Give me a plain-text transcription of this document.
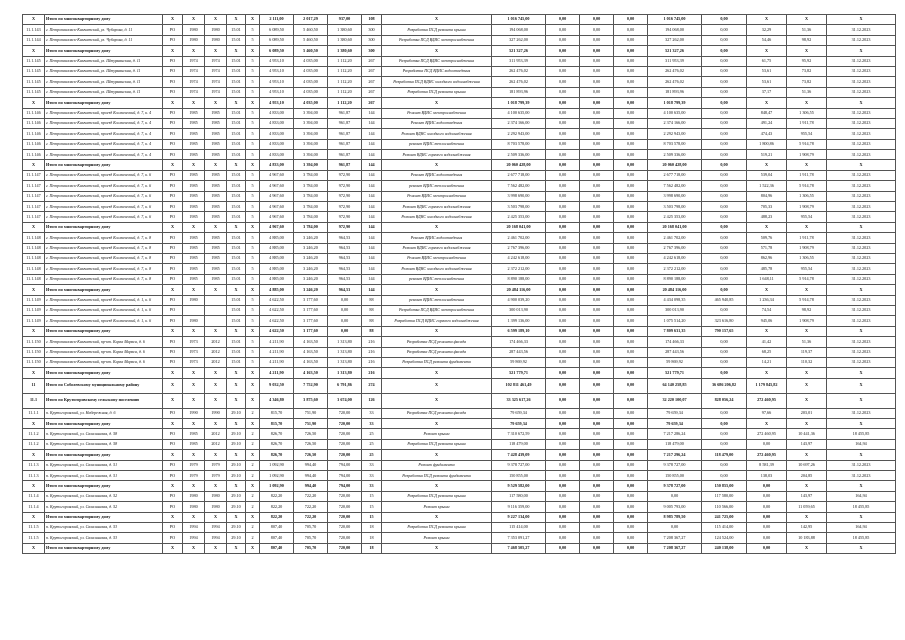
X	Итого по многоквартирному дому	X	X	X	X	X	2 111,00	2 017,29	937,00	108	X	1 016 745,00	0,00	0,00	0,00	1 016 745,00	0,00	X	X	X
11.1.143	г. Петропавловск-Камчатский, ул. Чубарова, д. 11	РО	1980	1980	15.01	5	6 089,50	5 460,50	1 380,60	300	Разработка ПСД ремонта крыши	194 068,00	0,00	0,00	0,00	194 068,00	0,00	32,29	51,36	31.12.2023
11.1.144	г. Петропавловск-Камчатский, ул. Чубарова, д. 11	РО	1980	1980	15.01	5	6 089,50	5 460,50	1 380,60	300	Разработка ПСД ВДИС электроснабжения	327 262,00	0,00	0,00	0,00	327 262,00	0,00	54,46	98,92	31.12.2023
X	Итого по многоквартирному дому	X	X	X	X	X	6 089,50	5 460,50	1 380,60	300	X	521 327,26	0,00	0,00	0,00	521 327,26	0,00	X	X	X
11.1.145	г. Петропавловск-Камчатский, ул. Штурманская, д. 11	РО	1974	1974	15.01	5	4 953,10	4 035,00	1 112,20	267	Разработка ПСД ВДИС электроснабжения	311 953,39	0,00	0,00	0,00	311 953,39	0,00	61,75	95,92	31.12.2023
11.1.145	г. Петропавловск-Камчатский, ул. Штурманская, д. 11	РО	1974	1974	15.01	5	4 953,10	4 035,00	1 112,20	267	Разработка ПСД ВДИС водоотведения	262 476,02	0,00	0,00	0,00	262 476,02	0,00	53,61	73,82	31.12.2023
11.1.145	г. Петропавловск-Камчатский, ул. Штурманская, д. 11	РО	1974	1974	15.01	5	4 953,10	4 035,00	1 112,20	267	Разработка ПСД ВДИС холодного водоснабжения	262 476,02	0,00	0,00	0,00	262 476,02	0,00	53,61	73,82	31.12.2023
11.1.145	г. Петропавловск-Камчатский, ул. Штурманская, д. 11	РО	1974	1974	15.01	5	4 953,10	4 035,00	1 112,20	267	Разработка ПСД ремонта крыши	181 893,96	0,00	0,00	0,00	181 893,96	0,00	37,17	51,36	31.12.2023
X	Итого по многоквартирному дому	X	X	X	X	X	4 953,10	4 035,00	1 112,20	267	X	1 018 799,39	0,00	0,00	0,00	1 018 799,39	0,00	X	X	X
11.1.146	г. Петропавловск-Камчатский, проезд Космический, д. 7, к. 4	РО	1985	1985	15.01	5	4 833,00	3 394,00	961,87	144	Ремонт ВДИС электроснабжения	4 100 635,00	0,00	0,00	0,00	4 100 635,00	0,00	848,47	1 306,55	31.12.2023
11.1.146	г. Петропавловск-Камчатский, проезд Космический, д. 7, к. 4	РО	1985	1985	15.01	5	4 833,00	3 394,00	961,87	144	Ремонт ВДИС водоотведения	2 374 166,00	0,00	0,00	0,00	2 374 166,00	0,00	491,24	1 911,78	31.12.2023
11.1.146	г. Петропавловск-Камчатский, проезд Космический, д. 7, к. 4	РО	1985	1985	15.01	5	4 833,00	3 394,00	961,87	144	Ремонт ВДИС холодного водоснабжения	2 292 943,00	0,00	0,00	0,00	2 292 943,00	0,00	474,43	955,54	31.12.2023
11.1.146	г. Петропавловск-Камчатский, проезд Космический, д. 7, к. 4	РО	1985	1985	15.01	5	4 833,00	3 394,00	961,87	144	ремонт ВДИС теплоснабжения	8 703 578,00	0,00	0,00	0,00	8 703 578,00	0,00	1 800,86	5 914,78	31.12.2023
11.1.146	г. Петропавловск-Камчатский, проезд Космический, д. 7, к. 4	РО	1985	1985	15.01	5	4 833,00	3 394,00	961,87	144	Ремонт ВДИС горячего водоснабжения	2 509 336,00	0,00	0,00	0,00	2 509 336,00	0,00	519,21	1 908,79	31.12.2023
X	Итого по многоквартирному дому	X	X	X	X	X	4 833,00	3 394,00	961,87	144	X	20 060 428,00	0,00	0,00	0,00	20 060 428,00	0,00	X	X	X
11.1.147	г. Петропавловск-Камчатский, проезд Космический, д. 7, к. 6	РО	1985	1985	15.01	5	4 967,60	3 784,00	972,90	144	Ремонт ВДИС водоотведения	2 677 718,00	0,00	0,00	0,00	2 677 718,00	0,00	539,04	1 911,78	31.12.2023
11.1.147	г. Петропавловск-Камчатский, проезд Космический, д. 7, к. 6	РО	1985	1985	15.01	5	4 967,60	3 784,00	972,90	144	ремонт ВДИС теплоснабжения	7 562 482,00	0,00	0,00	0,00	7 562 482,00	0,00	1 522,36	5 914,78	31.12.2023
11.1.147	г. Петропавловск-Камчатский, проезд Космический, д. 7, к. 6	РО	1985	1985	15.01	5	4 967,60	3 784,00	972,90	144	Ремонт ВДИС электроснабжения	3 998 690,00	0,00	0,00	0,00	3 998 690,00	0,00	804,96	1 306,55	31.12.2023
11.1.147	г. Петропавловск-Камчатский, проезд Космический, д. 7, к. 6	РО	1985	1985	15.01	5	4 967,60	3 784,00	972,90	144	Ремонт ВДИС горячего водоснабжения	3 503 798,00	0,00	0,00	0,00	3 503 798,00	0,00	705,33	1 908,79	31.12.2023
11.1.147	г. Петропавловск-Камчатский, проезд Космический, д. 7, к. 6	РО	1985	1985	15.01	5	4 967,60	3 784,00	972,90	144	Ремонт ВДИС холодного водоснабжения	2 425 353,00	0,00	0,00	0,00	2 425 353,00	0,00	488,23	955,54	31.12.2023
X	Итого по многоквартирному дому	X	X	X	X	X	4 967,60	3 784,00	972,90	144	X	20 168 041,00	0,00	0,00	0,00	20 168 041,00	0,00	X	X	X
11.1.148	г. Петропавловск-Камчатский, проезд Космический, д. 7, к. 8	РО	1985	1985	15.01	5	4 885,00	3 246,20	964,53	144	Ремонт ВДИС водоотведения	2 461 702,00	0,00	0,00	0,00	2 461 702,00	0,00	509,76	1 911,78	31.12.2023
11.1.148	г. Петропавловск-Камчатский, проезд Космический, д. 7, к. 8	РО	1985	1985	15.01	5	4 885,00	3 246,20	964,53	144	Ремонт ВДИС горячего водоснабжения	2 767 396,00	0,00	0,00	0,00	2 767 396,00	0,00	571,78	1 908,79	31.12.2023
11.1.148	г. Петропавловск-Камчатский, проезд Космический, д. 7, к. 8	РО	1985	1985	15.01	5	4 885,00	3 246,20	964,53	144	Ремонт ВДИС электроснабжения	4 242 618,00	0,00	0,00	0,00	4 242 618,00	0,00	862,96	1 306,55	31.12.2023
11.1.148	г. Петропавловск-Камчатский, проезд Космический, д. 7, к. 8	РО	1985	1985	15.01	5	4 885,00	3 246,20	964,53	144	Ремонт ВДИС холодного водоснабжения	2 372 212,00	0,00	0,00	0,00	2 372 212,00	0,00	485,78	955,54	31.12.2023
11.1.148	г. Петропавловск-Камчатский, проезд Космический, д. 7, к. 8	РО	1985	1985	15.01	5	4 885,00	3 246,20	964,53	144	ремонт ВДИС теплоснабжения	8 890 188,00	0,00	0,00	0,00	8 890 188,00	0,00	1 648,11	5 914,78	31.12.2023
X	Итого по многоквартирному дому	X	X	X	X	X	4 885,00	3 246,20	964,53	144	X	20 484 116,00	0,00	0,00	0,00	20 484 116,00	0,00	X	X	X
11.1.149	г. Петропавловск-Камчатский, проезд Космический, д. 1, к. 6	РО	1980		15.01	5	4 622,50	3 177,60	0,00	88	ремонт ВДИС теплоснабжения	4 900 039,20	0,00	0,00	0,00	4 434 098,35	465 940,85	1 236,34	5 914,78	31.12.2023
11.1.149	г. Петропавловск-Камчатский, проезд Космический, д. 1, к. 6	РО			15.01	5	4 622,50	3 177,60	0,00	88	Разработка ПСД ВДИС электроснабжения	300 013,90	0,00	0,00	0,00	300 013,90	0,00	74,54	98,92	31.12.2023
11.1.149	г. Петропавловск-Камчатский, проезд Космический, д. 1, к. 6	РО	1980		15.01	5	4 622,50	3 177,60	0,00	88	Разработка ПСД ВДИС горячего водоснабжения	1 399 136,00	0,00	0,00	0,00	1 075 514,20	323 616,80	945,06	1 908,79	31.12.2023
X	Итого по многоквартирному дому	X	X	X	X	X	4 622,50	3 177,60	0,00	88	X	6 599 189,10	0,00	0,00	0,00	7 809 631,35	790 157,65	X	X	X
11.1.150	г. Петропавловск-Камчатский, пр-кт. Карла Маркса, д. 6	РО	1973	2012	15.01	5	4 211,90	4 163,50	1 313,80	216	Разработка ПСД ремонта фасада	174 466,33	0,00	0,00	0,00	174 466,33	0,00	41,42	51,36	31.12.2023
11.1.150	г. Петропавловск-Камчатский, пр-кт. Карла Маркса, д. 6	РО	1973	2012	15.01	5	4 211,90	4 163,50	1 313,80	216	Разработка ПСД ремонта фасада	287 443,56	0,00	0,00	0,00	287 443,56	0,00	68,25	119,37	31.12.2023
11.1.150	г. Петропавловск-Камчатский, пр-кт. Карла Маркса, д. 6	РО	1973	2012	15.01	5	4 211,90	4 163,50	1 313,80	216	Разработка ПСД ремонта фундамента	59 869,92	0,00	0,00	0,00	59 869,92	0,00	14,21	110,32	31.12.2023
X	Итого по многоквартирному дому	X	X	X	X	X	4 211,90	4 163,50	1 313,80	216	X	521 779,71	0,00	0,00	0,00	521 779,71	0,00	X	X	X
11	Итого по Соболевскому муниципальному району	X	X	X	X	X	9 032,50	7 752,90	6 791,86	274	X	102 811 461,49	0,00	0,00	0,00	64 140 258,85	36 686 206,82	1 179 845,82	X	X
11.1	Итого по Крутогоровскому сельскому поселению	X	X	X	X	X	4 346,80	3 875,60	3 674,00	126	X	33 325 617,26	0,00	0,00	0,00	32 220 100,07	828 056,24	272 460,95	X	X
11.1.1	п. Крутогоровский, ул. Набережная, д. 6	РО	1990	1990	29.10	2	815,70	751,90	720,00	33	Разработка ПСД ремонта фасада	79 659,34	0,00	0,00	0,00	79 659,34	0,00	97,66	203,01	31.12.2023
X	Итого по многоквартирному дому	X	X	X	X	X	815,70	751,90	720,00	33	X	79 659,34	0,00	0,00	0,00	79 659,34	0,00	X	X	X
11.1.2	п. Крутогоровский, ул. Сахалинская, д. 58	РО	1985	2012	29.10	2	826,70	726,50	720,00	25	Ремонт крыши	7 310 672,59	0,00	0,00	0,00	7 217 286,24	0,00	272 460,95	10 441,36	18 455,85
11.1.2	п. Крутогоровский, ул. Сахалинская, д. 58	РО	1985	2012	29.10	2	826,70	726,50	720,00	25	Разработка ПСД ремонта крыши	118 479,00	0,00	0,00	0,00	118 479,00	0,00	0,00	143,97	164,94
X	Итого по многоквартирному дому	X	X	X	X	X	826,70	726,50	720,00	25	X	7 428 439,09	0,00	0,00	0,00	7 217 296,24	118 479,00	272 460,95	X	X
11.1.3	п. Крутогоровский, ул. Сахалинская, д. 51	РО	1979	1979	29.10	2	1 092,90	994,40	794,00	33	Ремонт фундамента	9 378 727,00	0,00	0,00	0,00	9 378 727,00	0,00	8 581,39	10 697,26	31.12.2023
11.1.3	п. Крутогоровский, ул. Сахалинская, д. 51	РО	1979	1979	29.10	2	1 092,90	994,40	794,00	33	Разработка ПСД ремонта фундамента	150 855,00	0,00	0,00	0,00	150 855,00	0,00	138,03	204,85	31.12.2023
X	Итого по многоквартирному дому	X	X	X	X	X	1 092,90	994,40	794,00	33	X	9 529 582,00	0,00	0,00	0,00	9 378 727,00	150 855,00	0,00	X	X
11.1.4	п. Крутогоровский, ул. Сахалинская, д. 52	РО	1980	1980	29.10	2	822,20	722,20	720,00	15	Разработка ПСД ремонта крыши	117 580,00	0,00	0,00	0,00	0,00	117 580,00	0,00	143,97	164,94
11.1.4	п. Крутогоровский, ул. Сахалинская, д. 52	РО	1980	1980	29.10	2	822,20	722,20	720,00	15	Ремонт крыши	9 116 359,00	0,00	0,00	0,00	9 005 793,00	110 566,00	0,00	11 059,65	18 455,85
X	Итого по многоквартирному дому	X	X	X	X	X	822,20	722,20	720,00	15	X	9 227 134,00	0,00	0,00	0,00	8 985 789,50	241 725,00	0,00	X	X
11.1.5	п. Крутогоровский, ул. Сахалинская, д. 53	РО	1994	1994	29.10	2	807,40	705,70	720,00	18	Разработка ПСД ремонта крыши	115 414,00	0,00	0,00	0,00	0,00	115 414,00	0,00	142,95	164,94
11.1.5	п. Крутогоровский, ул. Сахалинская, д. 53	РО	1994	1994	29.10	2	807,40	705,70	720,00	18	Ремонт крыши	7 353 091,27	0,00	0,00	0,00	7 208 367,27	124 524,00	0,00	10 183,88	18 455,85
X	Итого по многоквартирному дому	X	X	X	X	X	807,40	705,70	720,00	18	X	7 468 505,27	0,00	0,00	0,00	7 208 367,27	240 138,00	0,00	X	X
